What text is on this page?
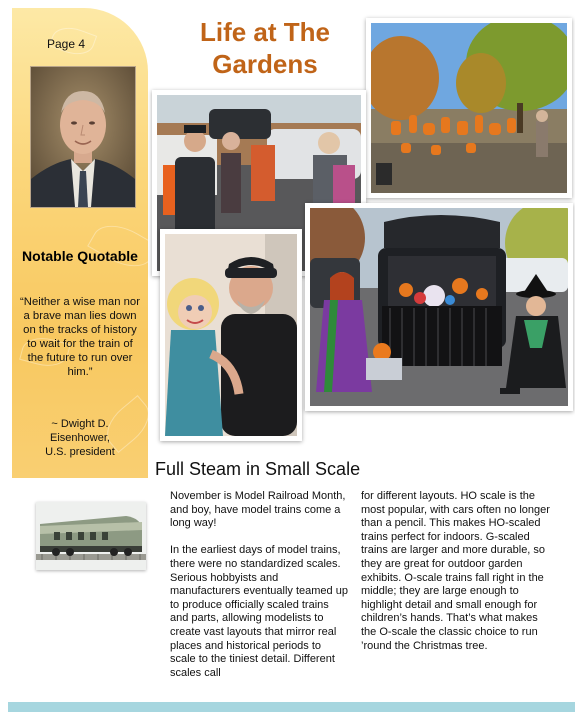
Page 4
Notable Quotable
“Neither a wise man nor a brave man lies down on the tracks of history to wait for the train of the future to run over him.”
~ Dwight D. Eisenhower,
U.S. president
Life at The
Gardens
Full Steam in Small Scale

November is Model Railroad Month, and boy, have model trains come a long way!

In the earliest days of model trains, there were no standardized scales. Serious hobbyists and manufacturers eventually teamed up to produce officially scaled trains and parts, allowing modelists to create vast layouts that mirror real places and historical periods to scale to the tiniest detail. Different scales call

for different layouts. HO scale is the most popular, with cars often no longer than a pencil. This makes HO-scaled trains perfect for indoors. G-scaled trains are larger and more durable, so they are great for outdoor garden exhibits. O-scale trains fall right in the middle; they are large enough to highlight detail and small enough for children’s hands. That’s what makes the O-scale the classic choice to run ’round the Christmas tree.
